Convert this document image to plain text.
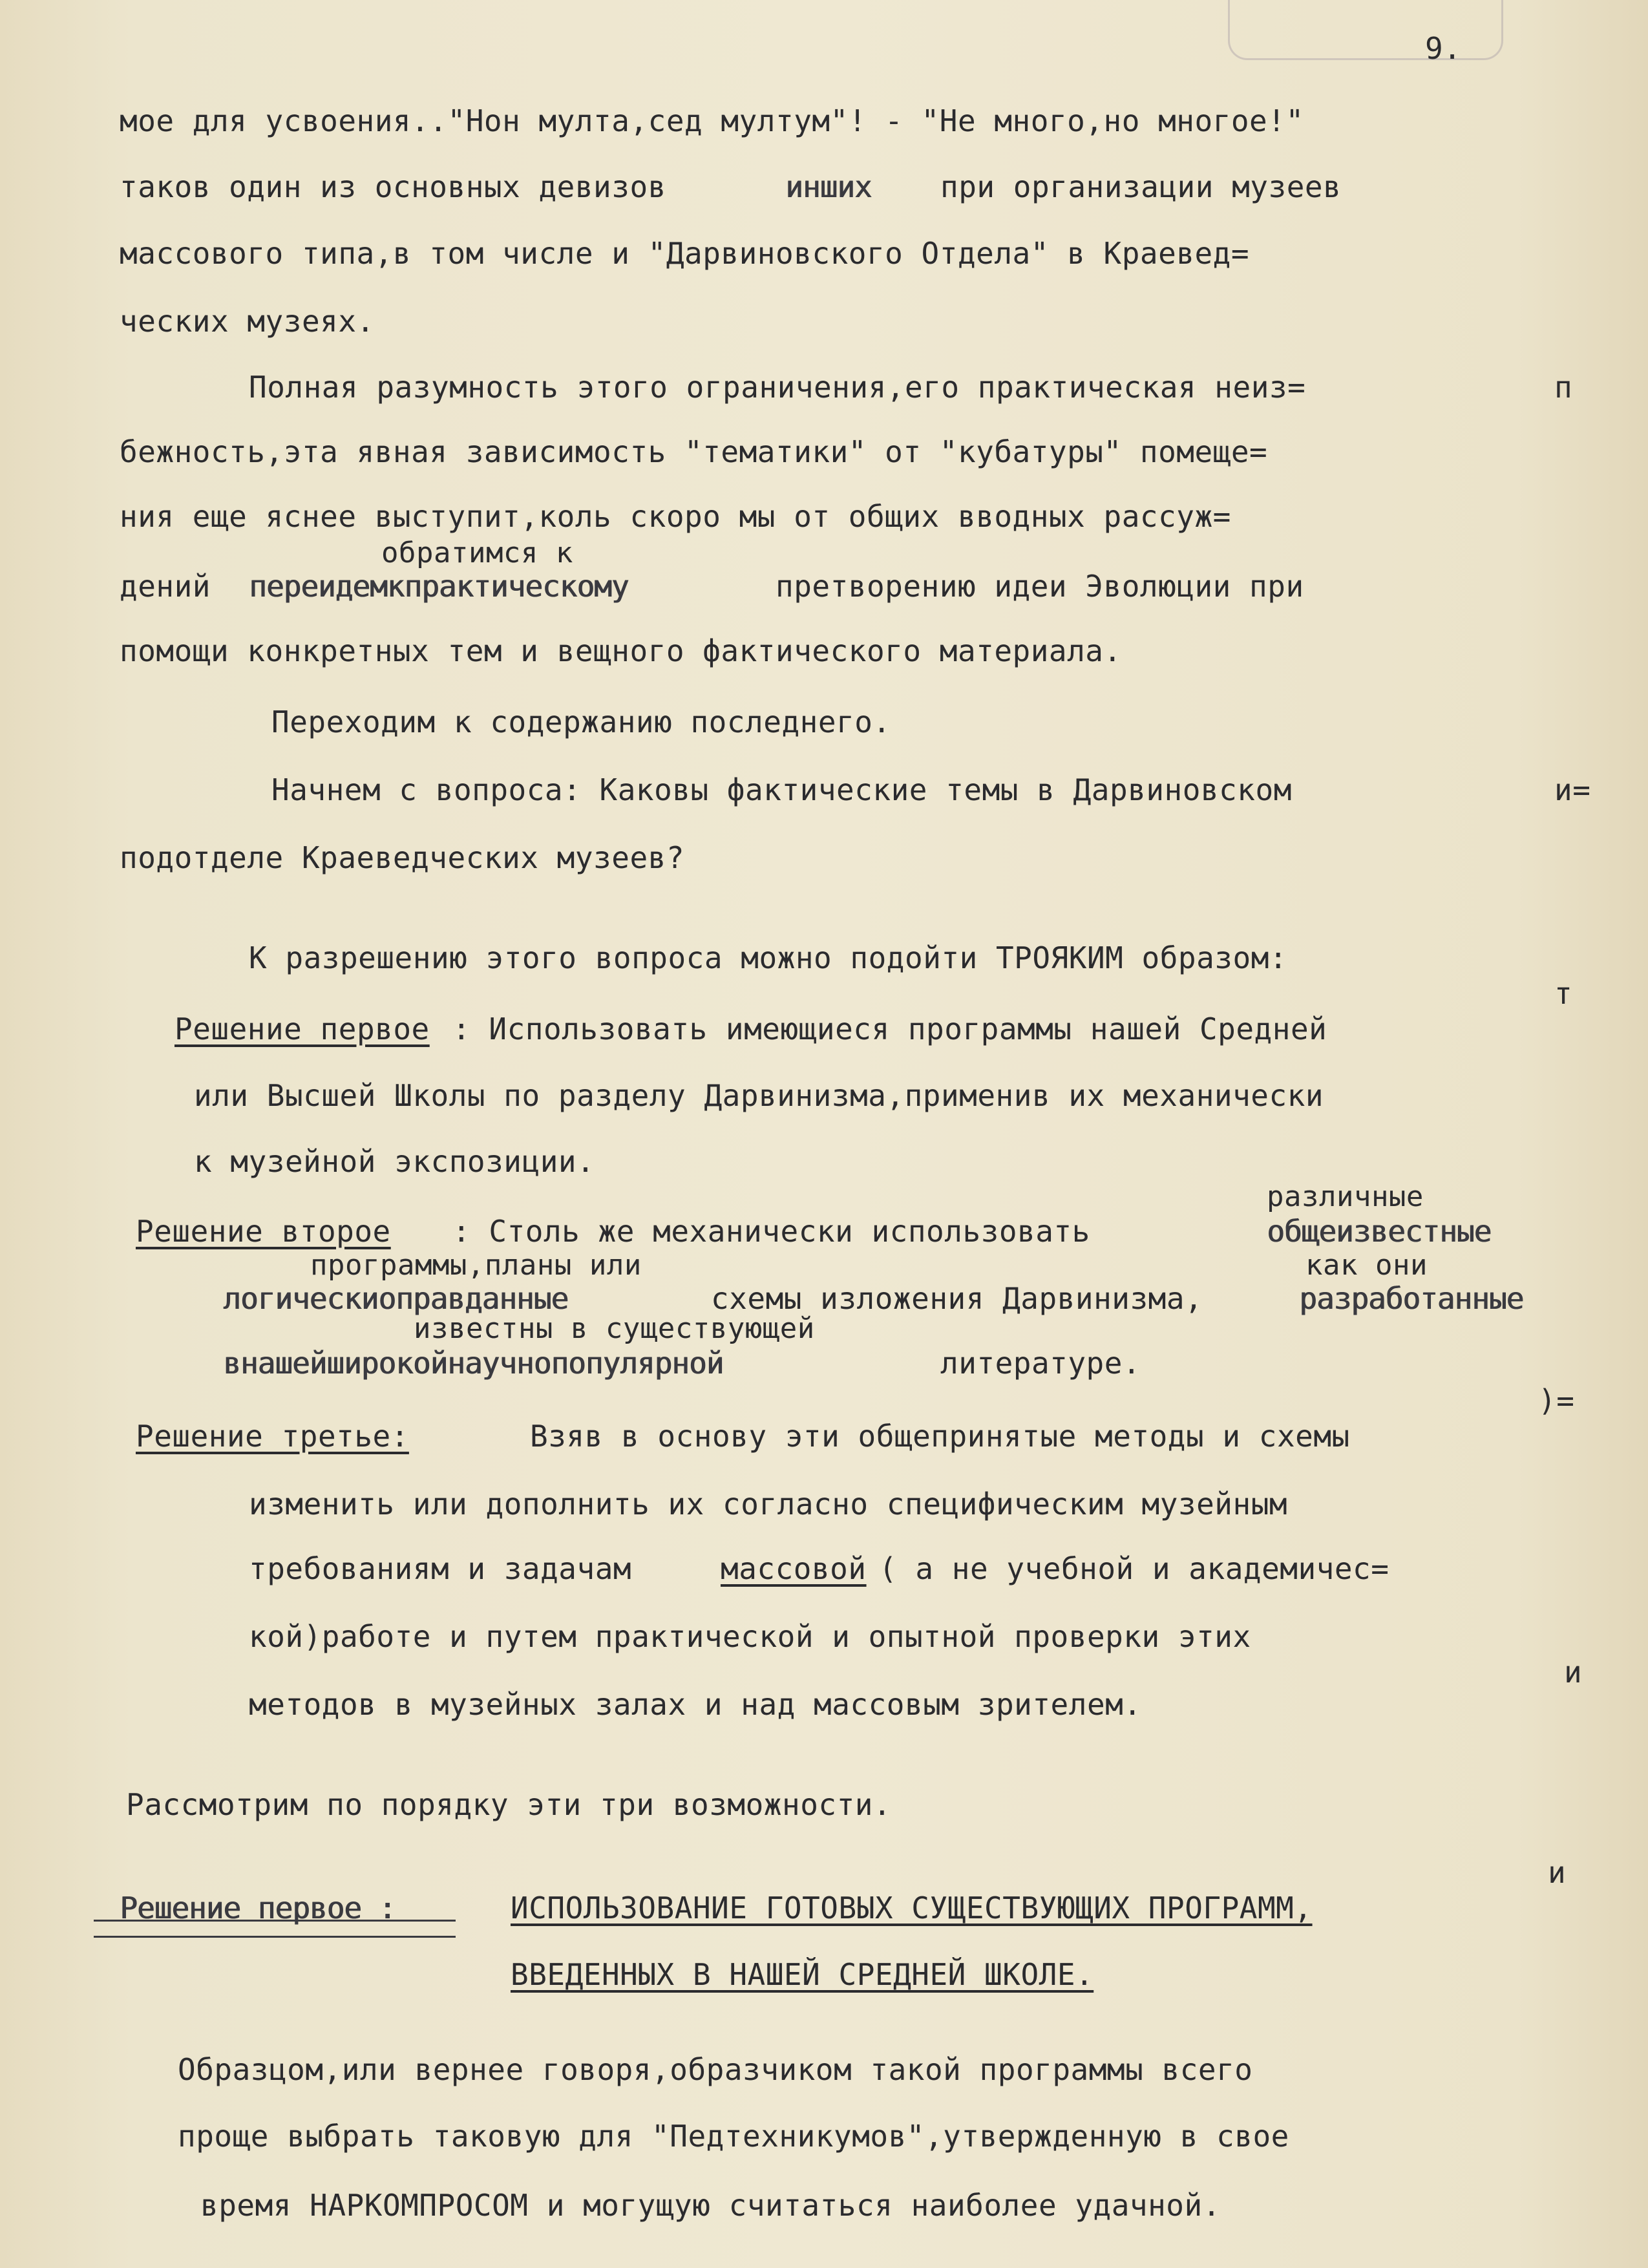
9.
мое для усвоения.."Нон мулта,сед мултум"! - "Не много,но многое!"
таков один из основных девизов	инших при организации музеев
массового типа,в том числе и "Дарвиновского Отдела" в Краевед=
ческих музеях.
Полная разумность этого ограничения,его практическая неиз=	п
бежность,эта явная зависимость "тематики" от "кубатуры" помеще=
ния еще яснее выступит,коль скоро мы от общих вводных рассуж=
обратимся к
дений переидемкпрактическому	претворению идеи Эволюции при
помощи конкретных тем и вещного фактического материала.
Переходим к содержанию последнего.
Начнем с вопроса: Каковы фактические темы в Дарвиновском	и=
подотделе Краеведческих музеев?
К разрешению этого вопроса можно подойти ТРОЯКИМ образом:
т
Решение первое : Использовать имеющиеся программы нашей Средней
или Высшей Школы по разделу Дарвинизма,применив их механически
к музейной экспозиции.
различные
Решение второе : Столь же механически использовать	общеизвестные
программы,планы или	как они
логическиоправданные	схемы изложения Дарвинизма,	разработанные
известны в существующей
внашейширокойнаучнопопулярной	литературе.
)=
Решение третье:	Взяв в основу эти общепринятые методы и схемы
изменить или дополнить их согласно специфическим музейным
требованиям и задачам	массовой ( а не учебной и академичес=
кой)работе и путем практической и опытной проверки этих
методов в музейных залах и над массовым зрителем.
и
Рассмотрим по порядку эти три возможности.
и
Решение первое :	ИСПОЛЬЗОВАНИЕ ГОТОВЫХ СУЩЕСТВУЮЩИХ ПРОГРАММ,
ВВЕДЕННЫХ В НАШЕЙ СРЕДНЕЙ ШКОЛЕ.
Образцом,или вернее говоря,образчиком такой программы всего
проще выбрать таковую для "Педтехникумов",утвержденную в свое
время НАРКОМПРОСОМ и могущую считаться наиболее удачной.
